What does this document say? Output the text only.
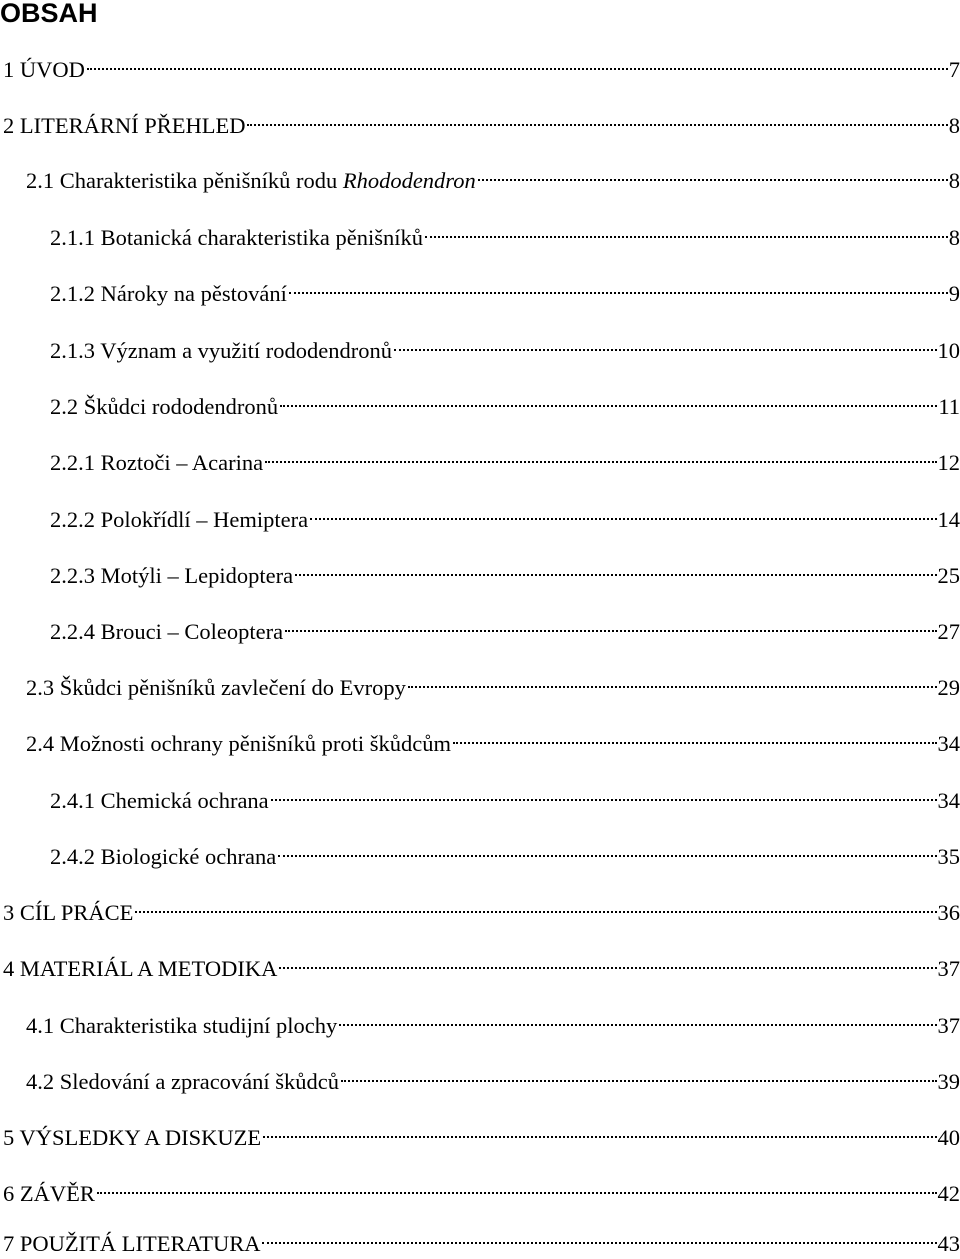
OBSAH
1 ÚVOD	7
2 LITERÁRNÍ PŘEHLED	8
2.1 Charakteristika pěnišníků rodu Rhododendron	8
2.1.1 Botanická charakteristika pěnišníků	8
2.1.2 Nároky na pěstování	9
2.1.3 Význam a využití rododendronů	10
2.2 Škůdci rododendronů	11
2.2.1 Roztoči – Acarina	12
2.2.2 Polokřídlí – Hemiptera	14
2.2.3 Motýli – Lepidoptera	25
2.2.4 Brouci – Coleoptera	27
2.3 Škůdci pěnišníků zavlečení do Evropy	29
2.4 Možnosti ochrany pěnišníků proti škůdcům	34
2.4.1 Chemická ochrana	34
2.4.2 Biologické ochrana	35
3 CÍL PRÁCE	36
4 MATERIÁL A METODIKA	37
4.1 Charakteristika studijní plochy	37
4.2 Sledování a zpracování škůdců	39
5 VÝSLEDKY A DISKUZE	40
6 ZÁVĚR	42
7 POUŽITÁ LITERATURA	43
